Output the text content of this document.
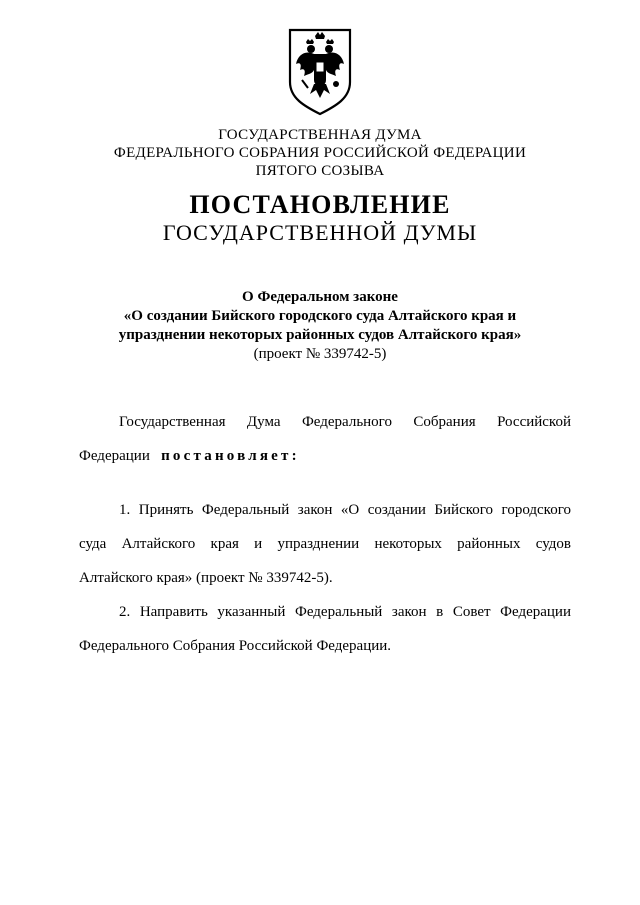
ГОСУДАРСТВЕННАЯ ДУМА
ФЕДЕРАЛЬНОГО СОБРАНИЯ РОССИЙСКОЙ ФЕДЕРАЦИИ
ПЯТОГО СОЗЫВА
ПОСТАНОВЛЕНИЕ
ГОСУДАРСТВЕННОЙ ДУМЫ
О Федеральном законе
«О создании Бийского городского суда Алтайского края и
упразднении некоторых районных судов Алтайского края»
(проект № 339742-5)
Государственная Дума Федерального Собрания Российской
Федерации постановляет:
1. Принять Федеральный закон «О создании Бийского городского
суда Алтайского края и упразднении некоторых районных судов
Алтайского края» (проект № 339742-5).
2. Направить указанный Федеральный закон в Совет Федерации
Федерального Собрания Российской Федерации.
